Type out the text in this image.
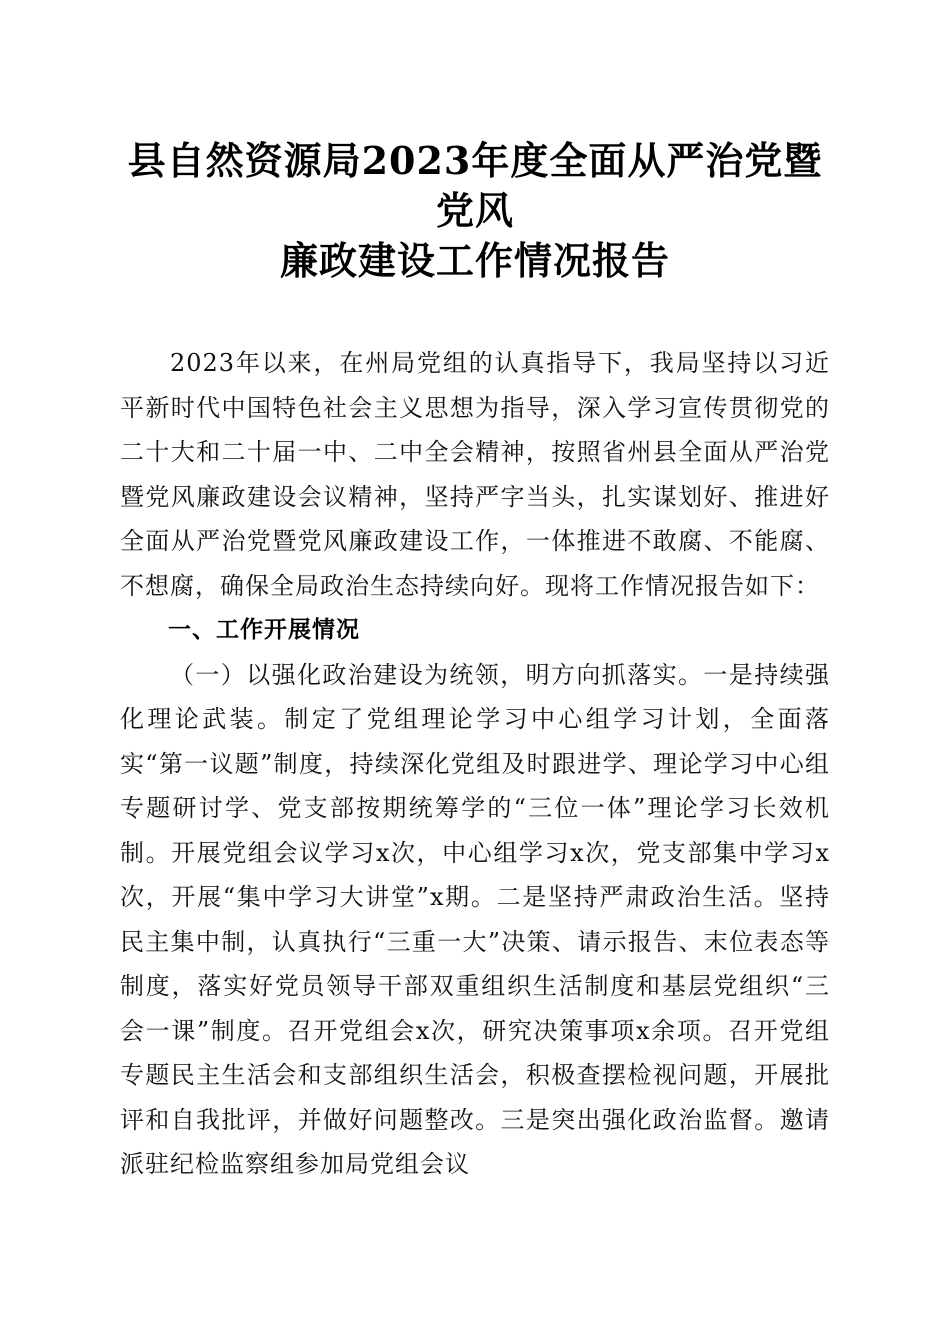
县自然资源局2023年度全面从严治党暨党风
廉政建设工作情况报告

2023年以来，在州局党组的认真指导下，我局坚持以习近平新时代中国特色社会主义思想为指导，深入学习宣传贯彻党的二十大和二十届一中、二中全会精神，按照省州县全面从严治党暨党风廉政建设会议精神，坚持严字当头，扎实谋划好、推进好全面从严治党暨党风廉政建设工作，一体推进不敢腐、不能腐、不想腐，确保全局政治生态持续向好。现将工作情况报告如下：

一、工作开展情况

（一）以强化政治建设为统领，明方向抓落实。一是持续强化理论武装。制定了党组理论学习中心组学习计划，全面落实“第一议题”制度，持续深化党组及时跟进学、理论学习中心组专题研讨学、党支部按期统筹学的“三位一体”理论学习长效机制。开展党组会议学习x次，中心组学习x次，党支部集中学习x次，开展“集中学习大讲堂”x期。二是坚持严肃政治生活。坚持民主集中制，认真执行“三重一大”决策、请示报告、末位表态等制度，落实好党员领导干部双重组织生活制度和基层党组织“三会一课”制度。召开党组会x次，研究决策事项x余项。召开党组专题民主生活会和支部组织生活会，积极查摆检视问题，开展批评和自我批评，并做好问题整改。三是突出强化政治监督。邀请派驻纪检监察组参加局党组会议
